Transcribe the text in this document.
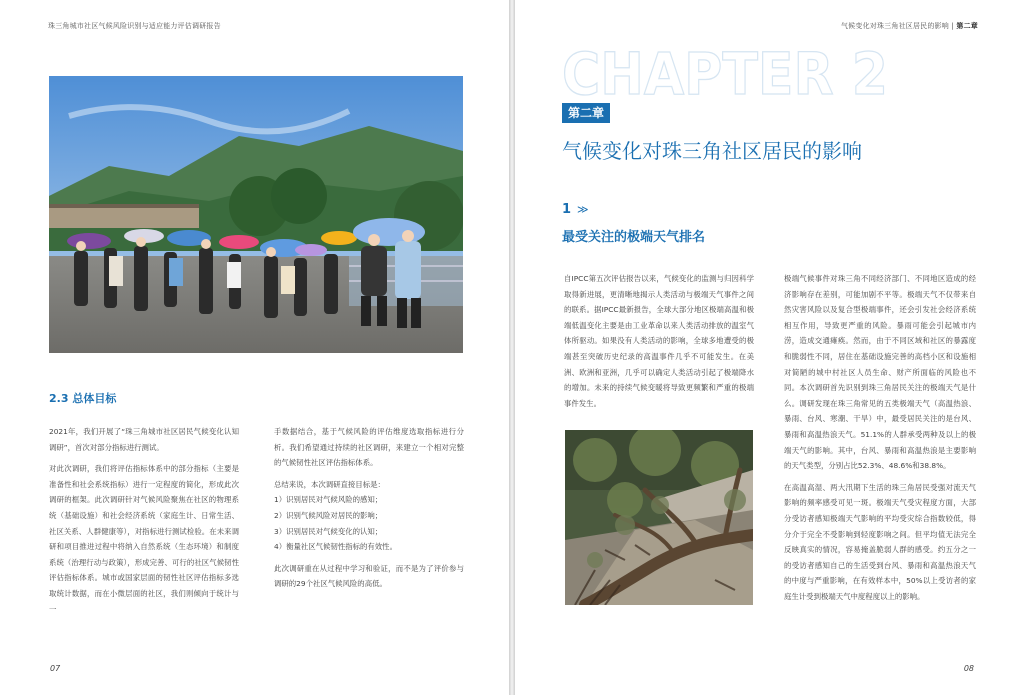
珠三角城市社区气候风险识别与适应能力评估调研报告
2.3 总体目标

2021年，我们开展了“珠三角城市社区居民气候变化认知调研”，首次对部分指标进行测试。

对此次调研，我们将评估指标体系中的部分指标（主要是准备性和社会系统指标）进行一定程度的简化，形成此次调研的框架。此次调研针对气候风险聚焦在社区的物理系统（基础设施）和社会经济系统（家庭生计、日常生活、社区关系、人群健康等），对指标进行测试检验。在未来调研和项目推进过程中将纳入自然系统（生态环境）和制度系统（治理行动与政策），形成完善、可行的社区气候韧性评估指标体系。城市或国家层面的韧性社区评估指标多选取统计数据，而在小微层面的社区，我们则倾向于统计与一

手数据结合，基于气候风险的评估维度选取指标进行分析。我们希望通过持续的社区调研，来建立一个相对完整的气候韧性社区评估指标体系。

总结来说，本次调研直接目标是：

1）识别居民对气候风险的感知；
2）识别气候风险对居民的影响；
3）识别居民对气候变化的认知；
4）衡量社区气候韧性指标的有效性。

此次调研重在从过程中学习和验证，而不是为了评价参与调研的29个社区气候风险的高低。

07
气候变化对珠三角社区居民的影响 | 第二章
08
CHAPTER 2
第二章
气候变化对珠三角社区居民的影响
1 ≫
最受关注的极端天气排名

自IPCC第五次评估报告以来，气候变化的监测与归因科学取得新进展，更清晰地揭示人类活动与极端天气事件之间的联系。据IPCC最新报告，全球大部分地区极端高温和极端低温变化主要是由工业革命以来人类活动排放的温室气体所驱动。如果没有人类活动的影响，全球多地遭受的极端甚至突破历史纪录的高温事件几乎不可能发生。在美洲、欧洲和亚洲，几乎可以确定人类活动引起了极端降水的增加。未来的持续气候变暖将导致更频繁和严重的极端事件发生。

极端气候事件对珠三角不同经济部门、不同地区造成的经济影响存在差别，可能加剧不平等。极端天气不仅带来自然灾害风险以及复合型极端事件，还会引发社会经济系统相互作用，导致更严重的风险。暴雨可能会引起城市内涝，造成交通瘫痪。然而，由于不同区域和社区的暴露度和脆弱性不同，居住在基础设施完善的高档小区和设施相对简陋的城中村社区人员生命、财产所面临的风险也不同。本次调研首先识别到珠三角居民关注的极端天气是什么。调研发现在珠三角常见的五类极端天气（高温热浪、暴雨、台风、寒潮、干旱）中，最受居民关注的是台风、暴雨和高温热浪天气。51.1%的人群承受两种及以上的极端天气的影响。其中，台风、暴雨和高温热浪是主要影响的天气类型，分别占比52.3%、48.6%和38.8%。

在高温高湿、两大汛期下生活的珠三角居民受强对流天气影响的频率感受可见一斑。极端天气受灾程度方面，大部分受访者感知极端天气影响的平均受灾综合指数较低，得分介于完全不受影响到轻度影响之间。但平均值无法完全反映真实的情况，容易掩盖脆弱人群的感受。约五分之一的受访者感知自己的生活受到台风、暴雨和高温热浪天气的中度与严重影响，在有效样本中，50%以上受访者的家庭生计受到极端天气中度程度以上的影响。
